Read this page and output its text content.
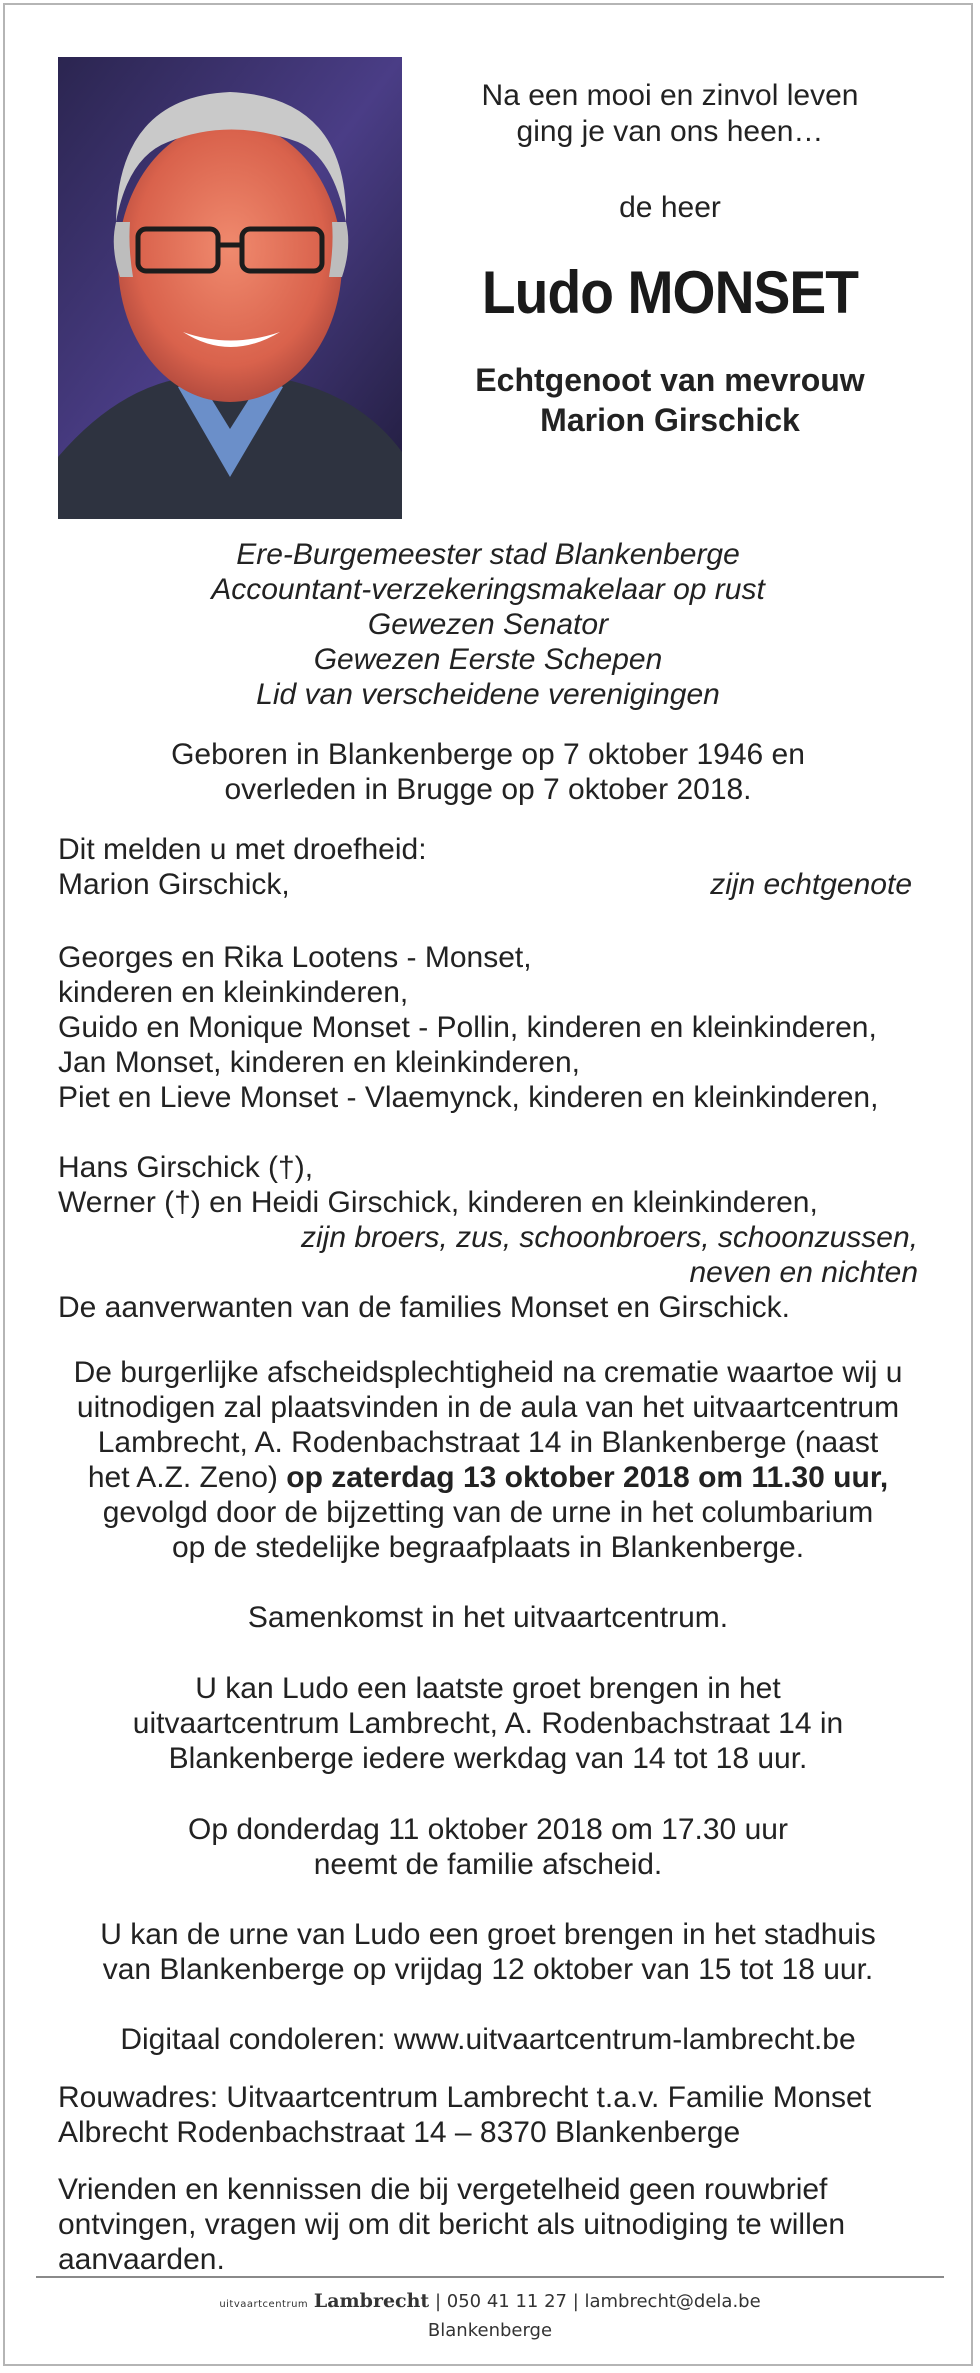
Na een mooi en zinvol leven
ging je van ons heen…
de heer
Ludo MONSET
Echtgenoot van mevrouw
Marion Girschick
Ere-Burgemeester stad Blankenberge
Accountant-verzekeringsmakelaar op rust
Gewezen Senator
Gewezen Eerste Schepen
Lid van verscheidene verenigingen
Geboren in Blankenberge op 7 oktober 1946 en
overleden in Brugge op 7 oktober 2018.
Dit melden u met droefheid:
Marion Girschick,	zijn echtgenote
Georges en Rika Lootens - Monset,
kinderen en kleinkinderen,
Guido en Monique Monset - Pollin, kinderen en kleinkinderen,
Jan Monset, kinderen en kleinkinderen,
Piet en Lieve Monset - Vlaemynck, kinderen en kleinkinderen,
Hans Girschick (†),
Werner (†) en Heidi Girschick, kinderen en kleinkinderen,
zijn broers, zus, schoonbroers, schoonzussen,
neven en nichten
De aanverwanten van de families Monset en Girschick.
De burgerlijke afscheidsplechtigheid na crematie waartoe wij u
uitnodigen zal plaatsvinden in de aula van het uitvaartcentrum
Lambrecht, A. Rodenbachstraat 14 in Blankenberge (naast
het A.Z. Zeno) op zaterdag 13 oktober 2018 om 11.30 uur,
gevolgd door de bijzetting van de urne in het columbarium
op de stedelijke begraafplaats in Blankenberge.
Samenkomst in het uitvaartcentrum.
U kan Ludo een laatste groet brengen in het
uitvaartcentrum Lambrecht, A. Rodenbachstraat 14 in
Blankenberge iedere werkdag van 14 tot 18 uur.
Op donderdag 11 oktober 2018 om 17.30 uur
neemt de familie afscheid.
U kan de urne van Ludo een groet brengen in het stadhuis
van Blankenberge op vrijdag 12 oktober van 15 tot 18 uur.
Digitaal condoleren: www.uitvaartcentrum-lambrecht.be
Rouwadres: Uitvaartcentrum Lambrecht t.a.v. Familie Monset
Albrecht Rodenbachstraat 14 – 8370 Blankenberge
Vrienden en kennissen die bij vergetelheid geen rouwbrief
ontvingen, vragen wij om dit bericht als uitnodiging te willen
aanvaarden.
uitvaartcentrum Lambrecht | 050 41 11 27 | lambrecht@dela.be
Blankenberge
